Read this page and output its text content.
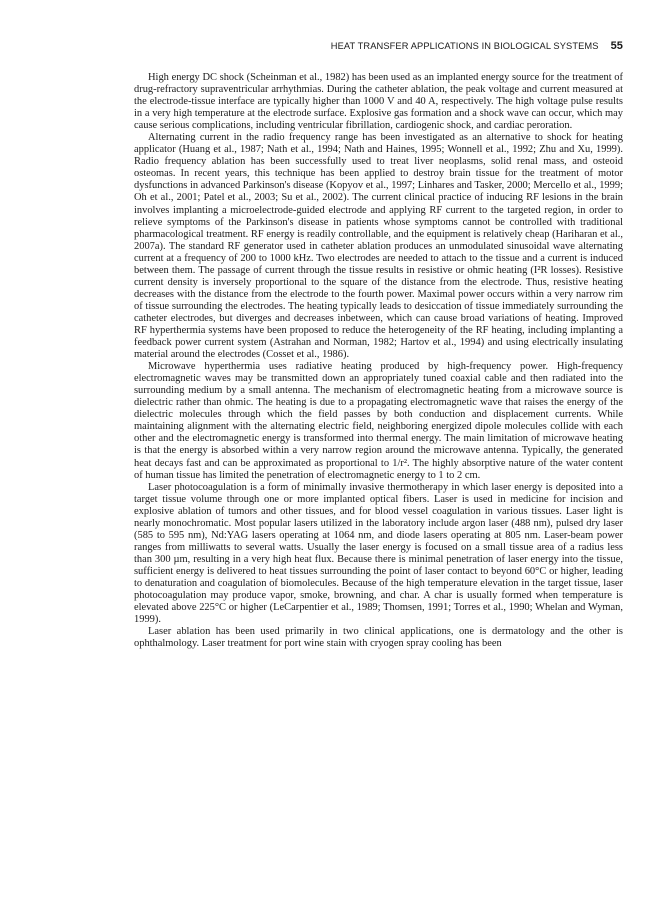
HEAT TRANSFER APPLICATIONS IN BIOLOGICAL SYSTEMS 55

High energy DC shock (Scheinman et al., 1982) has been used as an implanted energy source for the treatment of drug-refractory supraventricular arrhythmias. During the catheter ablation, the peak voltage and current measured at the electrode-tissue interface are typically higher than 1000 V and 40 A, respectively. The high voltage pulse results in a very high temperature at the electrode surface. Explosive gas formation and a shock wave can occur, which may cause serious complications, including ventricular fibrillation, cardiogenic shock, and cardiac peroration.

Alternating current in the radio frequency range has been investigated as an alternative to shock for heating applicator (Huang et al., 1987; Nath et al., 1994; Nath and Haines, 1995; Wonnell et al., 1992; Zhu and Xu, 1999). Radio frequency ablation has been successfully used to treat liver neoplasms, solid renal mass, and osteoid osteomas. In recent years, this technique has been applied to destroy brain tissue for the treatment of motor dysfunctions in advanced Parkinson's disease (Kopyov et al., 1997; Linhares and Tasker, 2000; Mercello et al., 1999; Oh et al., 2001; Patel et al., 2003; Su et al., 2002). The current clinical practice of inducing RF lesions in the brain involves implanting a microelectrode-guided electrode and applying RF current to the targeted region, in order to relieve symptoms of the Parkinson's disease in patients whose symptoms cannot be controlled with traditional pharmacological treatment. RF energy is readily controllable, and the equipment is relatively cheap (Hariharan et al., 2007a). The standard RF generator used in catheter ablation produces an unmodulated sinusoidal wave alternating current at a frequency of 200 to 1000 kHz. Two electrodes are needed to attach to the tissue and a current is induced between them. The passage of current through the tissue results in resistive or ohmic heating (I²R losses). Resistive current density is inversely proportional to the square of the distance from the electrode. Thus, resistive heating decreases with the distance from the electrode to the fourth power. Maximal power occurs within a very narrow rim of tissue surrounding the electrodes. The heating typically leads to desiccation of tissue immediately surrounding the catheter electrodes, but diverges and decreases inbetween, which can cause broad variations of heating. Improved RF hyperthermia systems have been proposed to reduce the heterogeneity of the RF heating, including implanting a feedback power current system (Astrahan and Norman, 1982; Hartov et al., 1994) and using electrically insulating material around the electrodes (Cosset et al., 1986).

Microwave hyperthermia uses radiative heating produced by high-frequency power. High-frequency electromagnetic waves may be transmitted down an appropriately tuned coaxial cable and then radiated into the surrounding medium by a small antenna. The mechanism of electromagnetic heating from a microwave source is dielectric rather than ohmic. The heating is due to a propagating electromagnetic wave that raises the energy of the dielectric molecules through which the field passes by both conduction and displacement currents. While maintaining alignment with the alternating electric field, neighboring energized dipole molecules collide with each other and the electromagnetic energy is transformed into thermal energy. The main limitation of microwave heating is that the energy is absorbed within a very narrow region around the microwave antenna. Typically, the generated heat decays fast and can be approximated as proportional to 1/r². The highly absorptive nature of the water content of human tissue has limited the penetration of electromagnetic energy to 1 to 2 cm.

Laser photocoagulation is a form of minimally invasive thermotherapy in which laser energy is deposited into a target tissue volume through one or more implanted optical fibers. Laser is used in medicine for incision and explosive ablation of tumors and other tissues, and for blood vessel coagulation in various tissues. Laser light is nearly monochromatic. Most popular lasers utilized in the laboratory include argon laser (488 nm), pulsed dry laser (585 to 595 nm), Nd:YAG lasers operating at 1064 nm, and diode lasers operating at 805 nm. Laser-beam power ranges from milliwatts to several watts. Usually the laser energy is focused on a small tissue area of a radius less than 300 µm, resulting in a very high heat flux. Because there is minimal penetration of laser energy into the tissue, sufficient energy is delivered to heat tissues surrounding the point of laser contact to beyond 60°C or higher, leading to denaturation and coagulation of biomolecules. Because of the high temperature elevation in the target tissue, laser photocoagulation may produce vapor, smoke, browning, and char. A char is usually formed when temperature is elevated above 225°C or higher (LeCarpentier et al., 1989; Thomsen, 1991; Torres et al., 1990; Whelan and Wyman, 1999).

Laser ablation has been used primarily in two clinical applications, one is dermatology and the other is ophthalmology. Laser treatment for port wine stain with cryogen spray cooling has been
